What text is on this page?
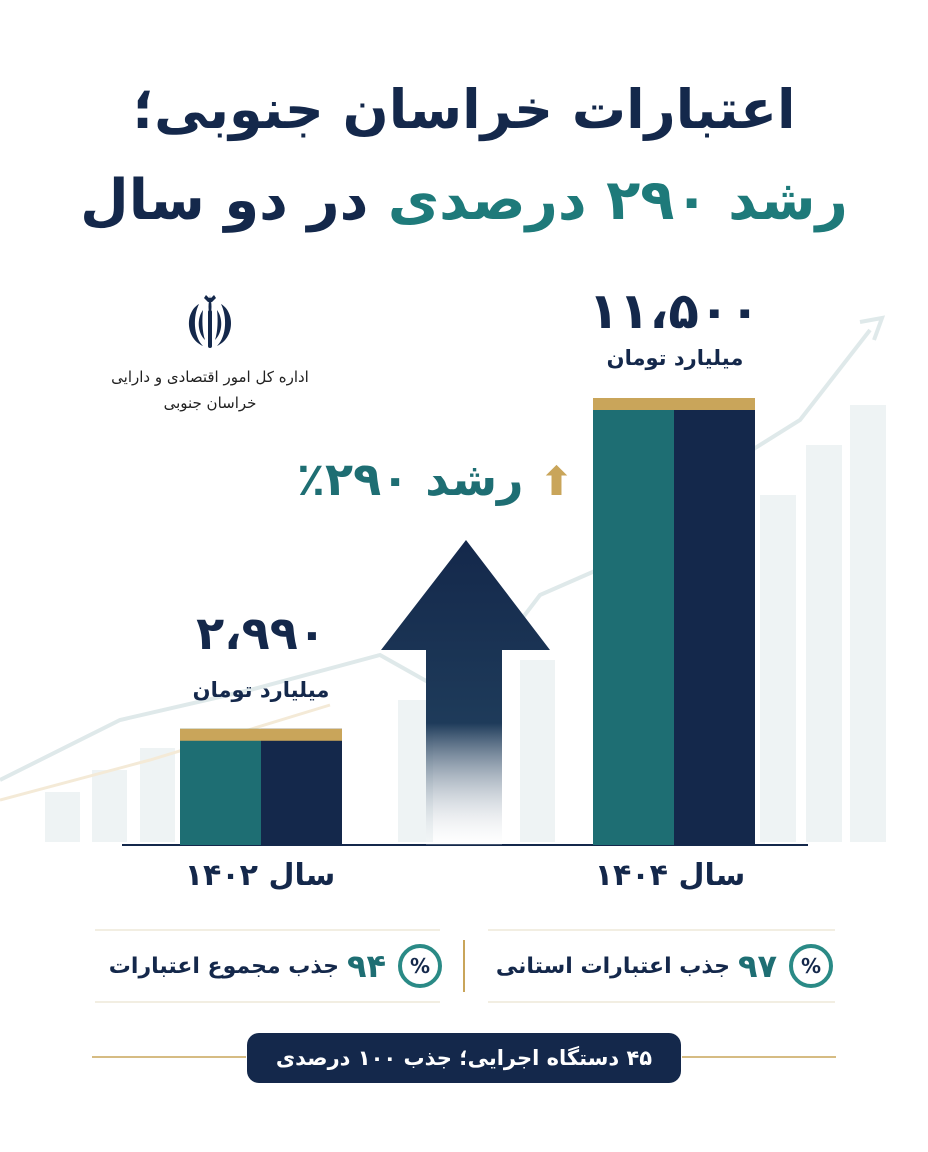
اعتبارات خراسان جنوبی؛
رشد ۲۹۰ درصدی در دو سال
اداره کل امور اقتصادی و دارایی
خراسان جنوبی
۲،۹۹۰
میلیارد تومان
۱۱،۵۰۰
میلیارد تومان
سال ۱۴۰۲	سال ۱۴۰۴
⬆ رشد ۲۹۰٪
%
۹۷
جذب اعتبارات استانی
%
۹۴
جذب مجموع اعتبارات
۴۵ دستگاه اجرایی؛ جذب ۱۰۰ درصدی
